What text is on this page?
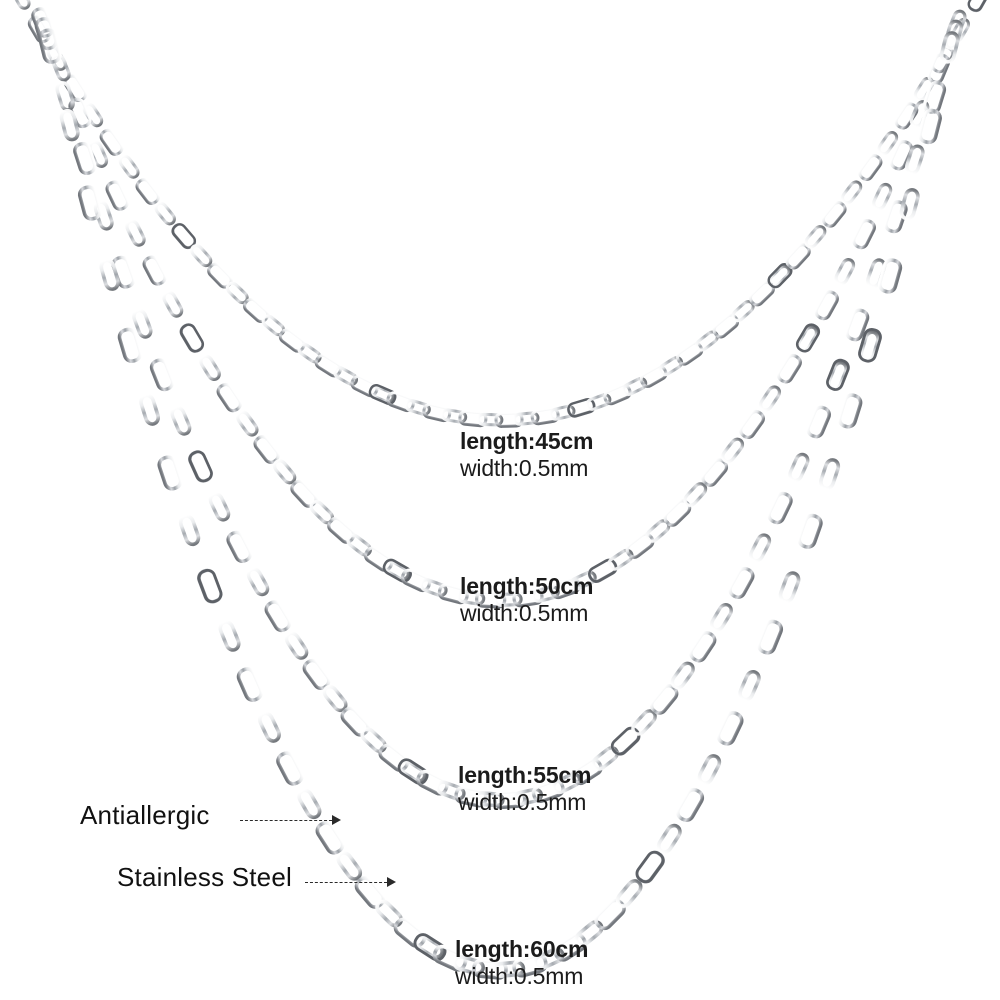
length:45cm
width:0.5mm
length:50cm
width:0.5mm
length:55cm
width:0.5mm
length:60cm
width:0.5mm
Antiallergic
Stainless Steel
